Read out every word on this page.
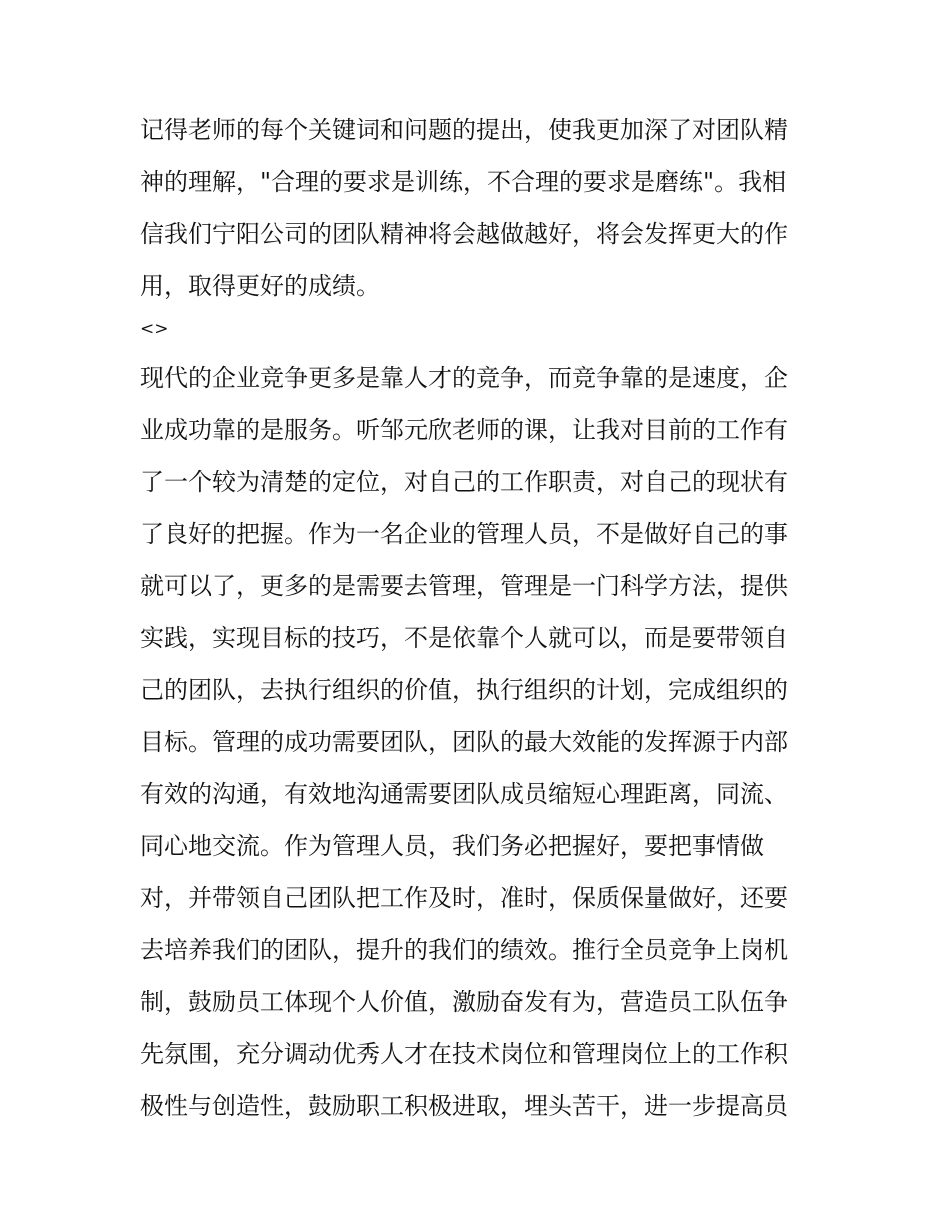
记得老师的每个关键词和问题的提出，使我更加深了对团队精
神的理解，"合理的要求是训练，不合理的要求是磨练"。我相
信我们宁阳公司的团队精神将会越做越好，将会发挥更大的作
用，取得更好的成绩。
<>
现代的企业竞争更多是靠人才的竞争，而竞争靠的是速度，企
业成功靠的是服务。听邹元欣老师的课，让我对目前的工作有
了一个较为清楚的定位，对自己的工作职责，对自己的现状有
了良好的把握。作为一名企业的管理人员，不是做好自己的事
就可以了，更多的是需要去管理，管理是一门科学方法，提供
实践，实现目标的技巧，不是依靠个人就可以，而是要带领自
己的团队，去执行组织的价值，执行组织的计划，完成组织的
目标。管理的成功需要团队，团队的最大效能的发挥源于内部
有效的沟通，有效地沟通需要团队成员缩短心理距离，同流、
同心地交流。作为管理人员，我们务必把握好，要把事情做
对，并带领自己团队把工作及时，准时，保质保量做好，还要
去培养我们的团队，提升的我们的绩效。推行全员竞争上岗机
制，鼓励员工体现个人价值，激励奋发有为，营造员工队伍争
先氛围，充分调动优秀人才在技术岗位和管理岗位上的工作积
极性与创造性，鼓励职工积极进取，埋头苦干，进一步提高员
